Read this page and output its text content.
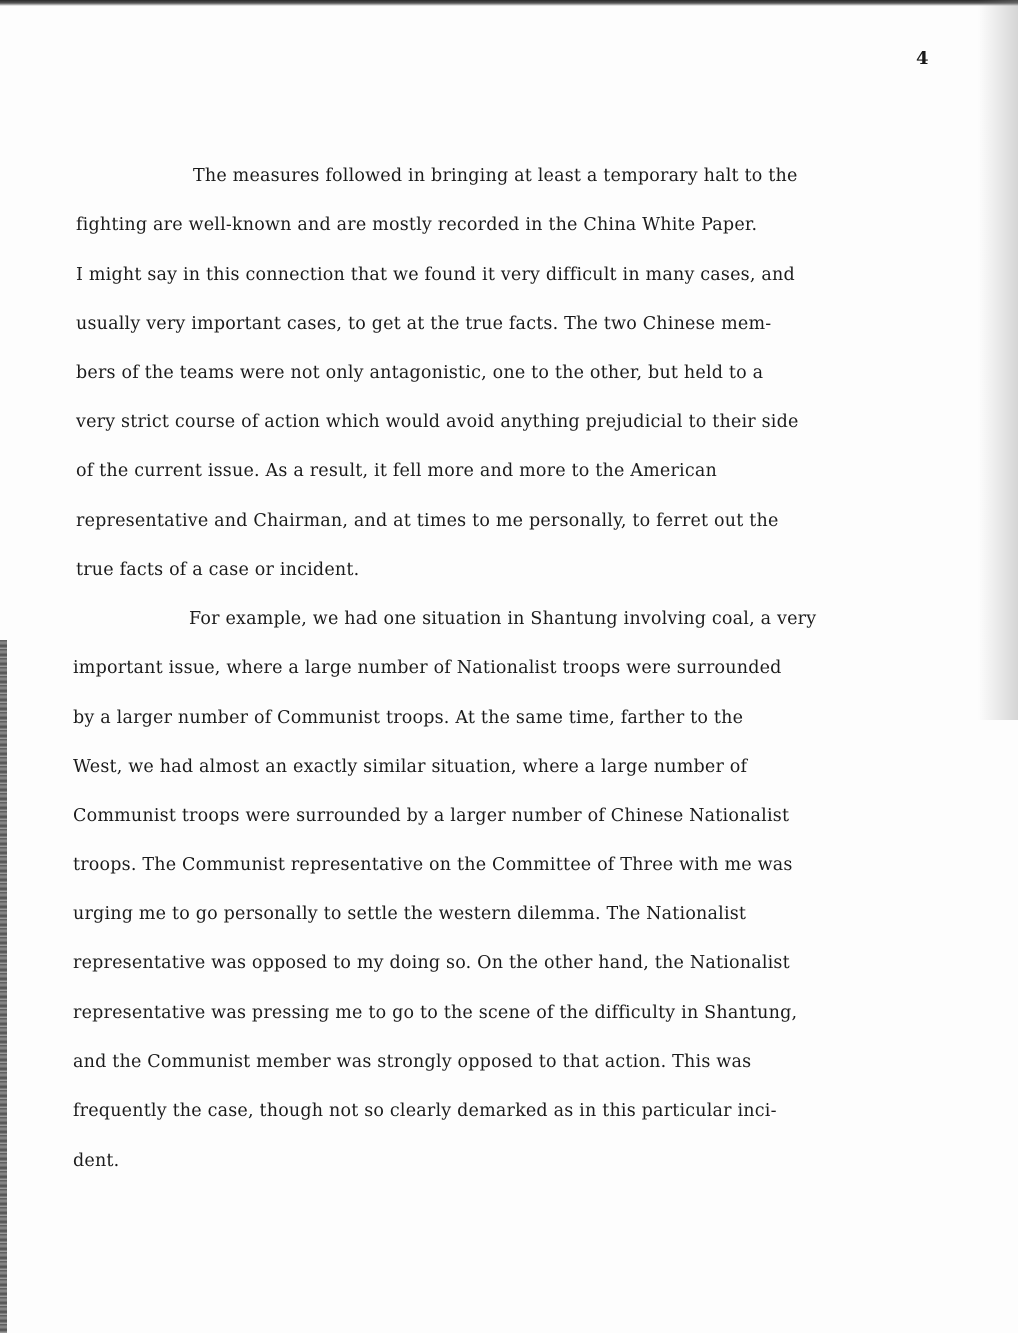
4
The measures followed in bringing at least a temporary halt to the
fighting are well-known and are mostly recorded in the China White Paper.
I might say in this connection that we found it very difficult in many cases, and
usually very important cases, to get at the true facts. The two Chinese mem-
bers of the teams were not only antagonistic, one to the other, but held to a
very strict course of action which would avoid anything prejudicial to their side
of the current issue. As a result, it fell more and more to the American
representative and Chairman, and at times to me personally, to ferret out the
true facts of a case or incident.
For example, we had one situation in Shantung involving coal, a very
important issue, where a large number of Nationalist troops were surrounded
by a larger number of Communist troops. At the same time, farther to the
West, we had almost an exactly similar situation, where a large number of
Communist troops were surrounded by a larger number of Chinese Nationalist
troops. The Communist representative on the Committee of Three with me was
urging me to go personally to settle the western dilemma. The Nationalist
representative was opposed to my doing so. On the other hand, the Nationalist
representative was pressing me to go to the scene of the difficulty in Shantung,
and the Communist member was strongly opposed to that action. This was
frequently the case, though not so clearly demarked as in this particular inci-
dent.
